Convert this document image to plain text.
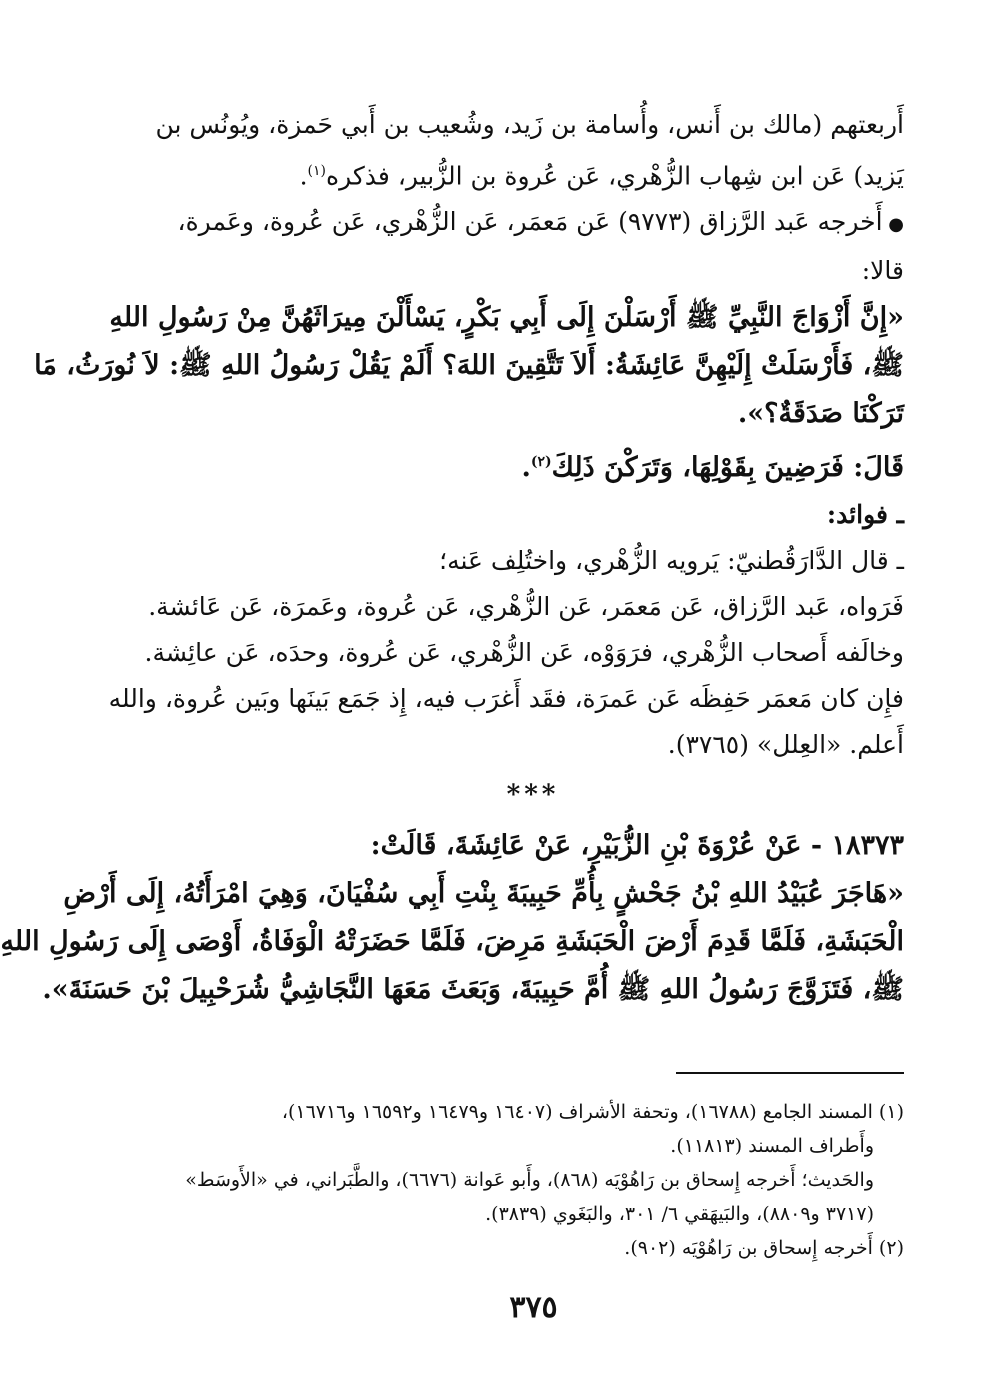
أَربعتهم (مالك بن أَنس، وأُسامة بن زَيد، وشُعيب بن أَبي حَمزة، ويُونُس بن
يَزيد) عَن ابن شِهاب الزُّهْري، عَن عُروة بن الزُّبير، فذكره$^{(١)}$.
● أَخرجه عَبد الرَّزاق (٩٧٧٣) عَن مَعمَر، عَن الزُّهْري، عَن عُروة، وعَمرة،
قالا:
«إِنَّ أَزْوَاجَ النَّبِيِّ ﷺ أَرْسَلْنَ إِلَى أَبِي بَكْرٍ، يَسْأَلْنَ مِيرَاثَهُنَّ مِنْ رَسُولِ اللهِ
ﷺ، فَأَرْسَلَتْ إِلَيْهِنَّ عَائِشَةُ: أَلاَ تَتَّقِينَ اللهَ؟ أَلَمْ يَقُلْ رَسُولُ اللهِ ﷺ: لاَ نُورَثُ، مَا
تَرَكْنَا صَدَقَةٌ؟».
قَالَ: فَرَضِينَ بِقَوْلِهَا، وَتَرَكْنَ ذَلِكَ$^{(٢)}$.
ـ فوائد:
ـ قال الدَّارَقُطنيّ: يَرويه الزُّهْري، واختُلِف عَنه؛
فَرَواه، عَبد الرَّزاق، عَن مَعمَر، عَن الزُّهْري، عَن عُروة، وعَمرَة، عَن عَائشة.
وخالَفه أَصحاب الزُّهْري، فرَوَوْه، عَن الزُّهْري، عَن عُروة، وحدَه، عَن عائِشة.
فإِن كان مَعمَر حَفِظَه عَن عَمرَة، فقَد أَغرَب فيه، إِذ جَمَع بَينَها وبَين عُروة، والله
أَعلم. «العِلل» (٣٧٦٥).
***
١٨٣٧٣ - عَنْ عُرْوَةَ بْنِ الزُّبَيْرِ، عَنْ عَائِشَةَ، قَالَتْ:
«هَاجَرَ عُبَيْدُ اللهِ بْنُ جَحْشٍ بِأُمِّ حَبِيبَةَ بِنْتِ أَبِي سُفْيَانَ، وَهِيَ امْرَأَتُهُ، إِلَى أَرْضِ
الْحَبَشَةِ، فَلَمَّا قَدِمَ أَرْضَ الْحَبَشَةِ مَرِضَ، فَلَمَّا حَضَرَتْهُ الْوَفَاةُ، أَوْصَى إِلَى رَسُولِ اللهِ
ﷺ، فَتَزَوَّجَ رَسُولُ اللهِ ﷺ أُمَّ حَبِيبَةَ، وَبَعَثَ مَعَهَا النَّجَاشِيُّ شُرَحْبِيلَ بْنَ حَسَنَةَ».
(١) المسند الجامع (١٦٧٨٨)، وتحفة الأشراف (١٦٤٠٧ و١٦٤٧٩ و١٦٥٩٢ و١٦٧١٦)،
وأَطراف المسند (١١٨١٣).
والحَديث؛ أَخرجه إِسحاق بن رَاهُوْيَه (٨٦٨)، وأَبو عَوانة (٦٦٧٦)، والطَّبَراني، في «الأَوسَط»
(٣٧١٧ و٨٨٠٩)، والبَيهَقي ٦/ ٣٠١، والبَغَوي (٣٨٣٩).
(٢) أَخرجه إِسحاق بن رَاهُوْيَه (٩٠٢).
٣٧٥
